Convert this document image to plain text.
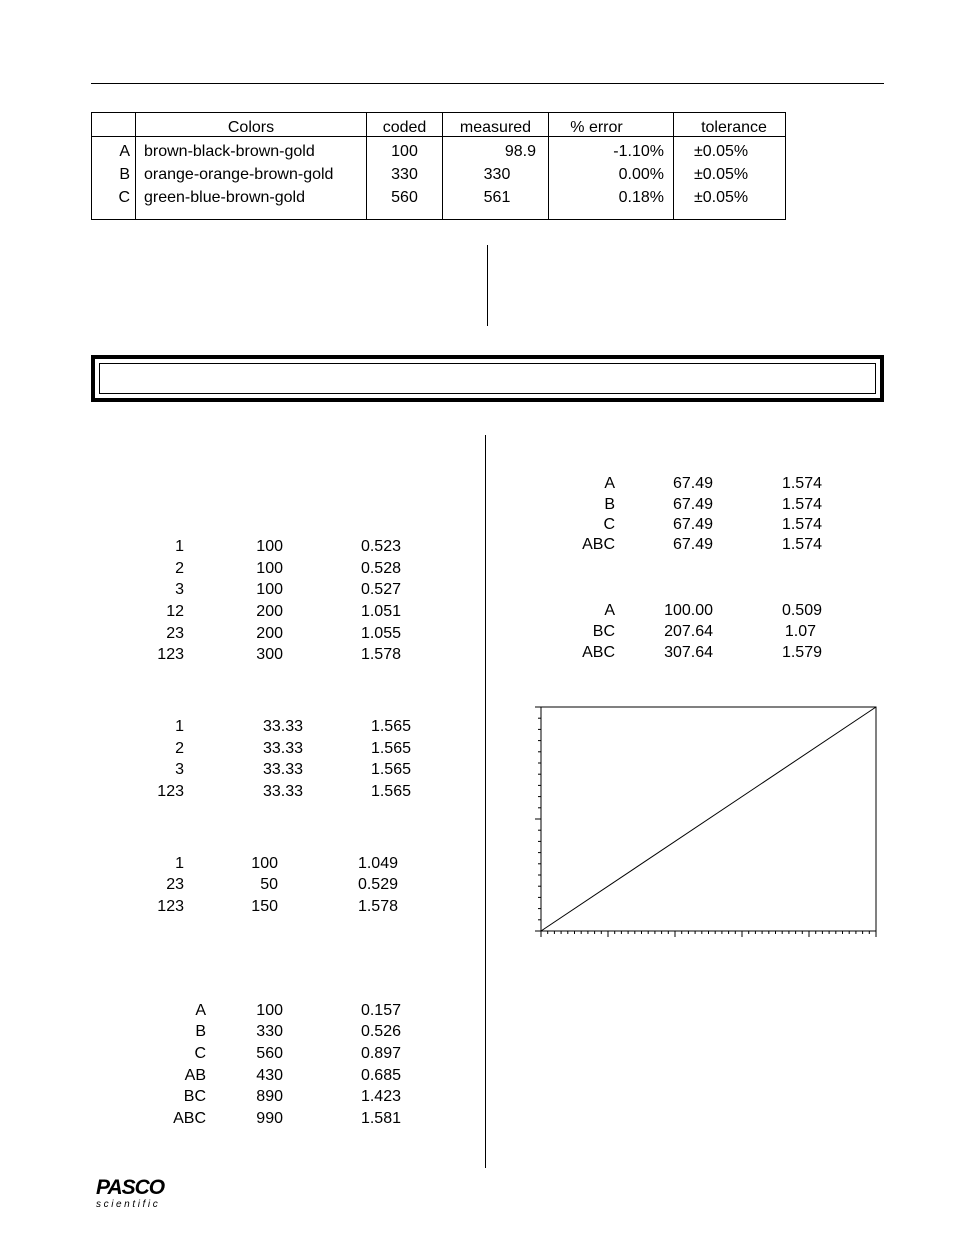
Colors	coded	measured	% error	tolerance
A brown-black-brown-gold	100	98.9	-1.10% ±0.05%
B orange-orange-brown-gold	330	330	0.00% ±0.05%
C green-blue-brown-gold	560	561	0.18% ±0.05%
1	100	0.523
2	100	0.528
3	100	0.527
12	200	1.051
23	200	1.055
123	300	1.578
1	33.33	1.565
2	33.33	1.565
3	33.33	1.565
123	33.33	1.565
1	100	1.049
23	50	0.529
123	150	1.578
A	100	0.157
B	330	0.526
C	560	0.897
AB	430	0.685
BC	890	1.423
ABC	990	1.581
A	67.49	1.574
B	67.49	1.574
C	67.49	1.574
ABC	67.49	1.574
A	100.00	0.509
BC	207.64	1.07
ABC	307.64	1.579
PASCO
scientific
